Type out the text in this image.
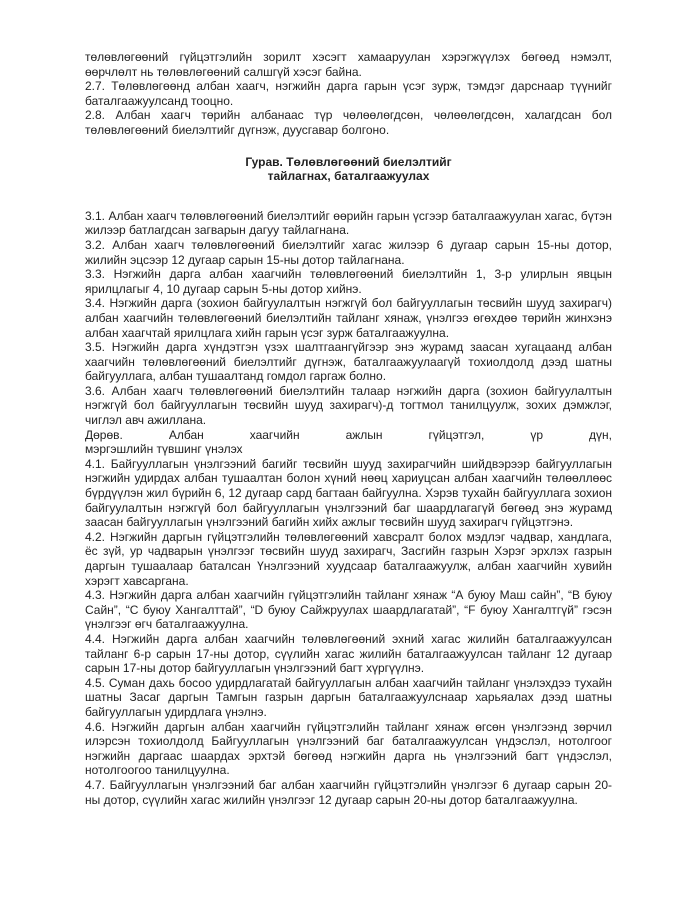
төлөвлөгөөний гүйцэтгэлийн зорилт хэсэгт хамааруулан хэрэгжүүлэх бөгөөд нэмэлт, өөрчлөлт нь төлөвлөгөөний салшгүй хэсэг байна.
2.7. Төлөвлөгөөнд албан хаагч, нэгжийн дарга гарын үсэг зурж, тэмдэг дарснаар түүнийг баталгаажуулсанд тооцно.
2.8. Албан хаагч төрийн албанаас түр чөлөөлөгдсөн, чөлөөлөгдсөн, халагдсан бол төлөвлөгөөний биелэлтийг дүгнэж, дуусгавар болгоно.
Гурав. Төлөвлөгөөний биелэлтийг
тайлагнах, баталгаажуулах
3.1. Албан хаагч төлөвлөгөөний биелэлтийг өөрийн гарын үсгээр баталгаажуулан хагас, бүтэн жилээр батлагдсан загварын дагуу тайлагнана.
3.2. Албан хаагч төлөвлөгөөний биелэлтийг хагас жилээр 6 дугаар сарын 15-ны дотор, жилийн эцсээр 12 дугаар сарын 15-ны дотор тайлагнана.
3.3. Нэгжийн дарга албан хаагчийн төлөвлөгөөний биелэлтийн 1, 3-р улирлын явцын ярилцлагыг 4, 10 дугаар сарын 5-ны дотор хийнэ.
3.4. Нэгжийн дарга (зохион байгуулалтын нэгжгүй бол байгууллагын төсвийн шууд захирагч) албан хаагчийн төлөвлөгөөний биелэлтийн тайланг хянаж, үнэлгээ өгөхдөө төрийн жинхэнэ албан хаагчтай ярилцлага хийн гарын үсэг зурж баталгаажуулна.
3.5. Нэгжийн дарга хүндэтгэн үзэх шалтгаангүйгээр энэ журамд заасан хугацаанд албан хаагчийн төлөвлөгөөний биелэлтийг дүгнэж, баталгаажуулаагүй тохиолдолд дээд шатны байгууллага, албан тушаалтанд гомдол гаргаж болно.
3.6. Албан хаагч төлөвлөгөөний биелэлтийн талаар нэгжийн дарга (зохион байгуулалтын нэгжгүй бол байгууллагын төсвийн шууд захирагч)-д тогтмол танилцуулж, зохих дэмжлэг, чиглэл авч ажиллана.
Дөрөв. Албан хаагчийн ажлын гүйцэтгэл, үр дүн,
мэргэшлийн түвшинг үнэлэх
4.1. Байгууллагын үнэлгээний багийг төсвийн шууд захирагчийн шийдвэрээр байгууллагын нэгжийн удирдах албан тушаалтан болон хүний нөөц хариуцсан албан хаагчийн төлөөллөөс бүрдүүлэн жил бүрийн 6, 12 дугаар сард багтаан байгуулна. Хэрэв тухайн байгууллага зохион байгуулалтын нэгжгүй бол байгууллагын үнэлгээний баг шаардлагагүй бөгөөд энэ журамд заасан байгууллагын үнэлгээний багийн хийх ажлыг төсвийн шууд захирагч гүйцэтгэнэ.
4.2. Нэгжийн даргын гүйцэтгэлийн төлөвлөгөөний хавсралт болох мэдлэг чадвар, хандлага, ёс зүй, ур чадварын үнэлгээг төсвийн шууд захирагч, Засгийн газрын Хэрэг эрхлэх газрын даргын тушаалаар баталсан Үнэлгээний хуудсаар баталгаажуулж, албан хаагчийн хувийн хэрэгт хавсаргана.
4.3. Нэгжийн дарга албан хаагчийн гүйцэтгэлийн тайланг хянаж “А буюу Маш сайн”, “В буюу Сайн”, “С буюу Хангалттай”, “D буюу Сайжруулах шаардлагатай”, “F буюу Хангалтгүй” гэсэн үнэлгээг өгч баталгаажуулна.
4.4. Нэгжийн дарга албан хаагчийн төлөвлөгөөний эхний хагас жилийн баталгаажуулсан тайланг 6-р сарын 17-ны дотор, сүүлийн хагас жилийн баталгаажуулсан тайланг 12 дугаар сарын 17-ны дотор байгууллагын үнэлгээний багт хүргүүлнэ.
4.5. Суман дахь босоо удирдлагатай байгууллагын албан хаагчийн тайланг үнэлэхдээ тухайн шатны Засаг даргын Тамгын газрын даргын баталгаажуулснаар харьяалах дээд шатны байгууллагын удирдлага үнэлнэ.
4.6. Нэгжийн даргын албан хаагчийн гүйцэтгэлийн тайланг хянаж өгсөн үнэлгээнд зөрчил илэрсэн тохиолдолд Байгууллагын үнэлгээний баг баталгаажуулсан үндэслэл, нотолгоог нэгжийн даргаас шаардах эрхтэй бөгөөд нэгжийн дарга нь үнэлгээний багт үндэслэл, нотолгоогоо танилцуулна.
4.7. Байгууллагын үнэлгээний баг албан хаагчийн гүйцэтгэлийн үнэлгээг 6 дугаар сарын 20-ны дотор, сүүлийн хагас жилийн үнэлгээг 12 дугаар сарын 20-ны дотор баталгаажуулна.
